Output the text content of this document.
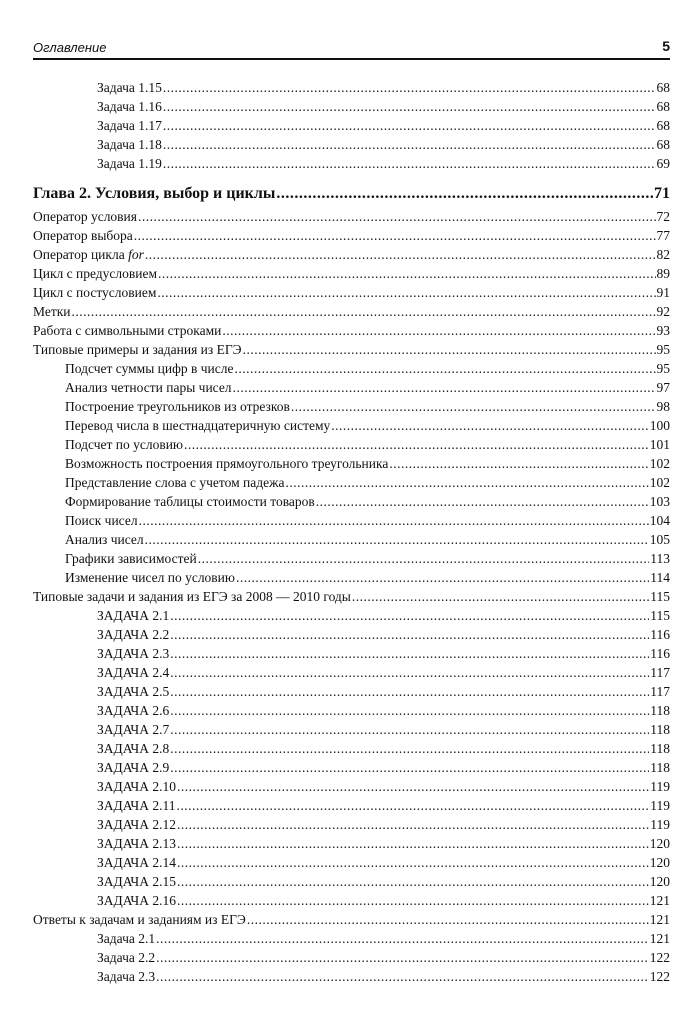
Оглавление	5
Задача 1.15 .....	68
Задача 1.16 .....	68
Задача 1.17 .....	68
Задача 1.18 .....	68
Задача 1.19 .....	69
Глава 2. Условия, выбор и циклы .....	71
Оператор условия .....	72
Оператор выбора .....	77
Оператор цикла for .....	82
Цикл с предусловием .....	89
Цикл с постусловием .....	91
Метки .....	92
Работа с символьными строками .....	93
Типовые примеры и задания из ЕГЭ .....	95
Подсчет суммы цифр в числе .....	95
Анализ четности пары чисел .....	97
Построение треугольников из отрезков .....	98
Перевод числа в шестнадцатеричную систему .....	100
Подсчет по условию .....	101
Возможность построения прямоугольного треугольника .....	102
Представление слова с учетом падежа .....	102
Формирование таблицы стоимости товаров .....	103
Поиск чисел .....	104
Анализ чисел .....	105
Графики зависимостей .....	113
Изменение чисел по условию .....	114
Типовые задачи и задания из ЕГЭ за 2008 — 2010 годы .....	115
ЗАДАЧА 2.1 .....	115
ЗАДАЧА 2.2 .....	116
ЗАДАЧА 2.3 .....	116
ЗАДАЧА 2.4 .....	117
ЗАДАЧА 2.5 .....	117
ЗАДАЧА 2.6 .....	118
ЗАДАЧА 2.7 .....	118
ЗАДАЧА 2.8 .....	118
ЗАДАЧА 2.9 .....	118
ЗАДАЧА 2.10 .....	119
ЗАДАЧА 2.11 .....	119
ЗАДАЧА 2.12 .....	119
ЗАДАЧА 2.13 .....	120
ЗАДАЧА 2.14 .....	120
ЗАДАЧА 2.15 .....	120
ЗАДАЧА 2.16 .....	121
Ответы к задачам и заданиям из ЕГЭ .....	121
Задача 2.1 .....	121
Задача 2.2 .....	122
Задача 2.3 .....	122
